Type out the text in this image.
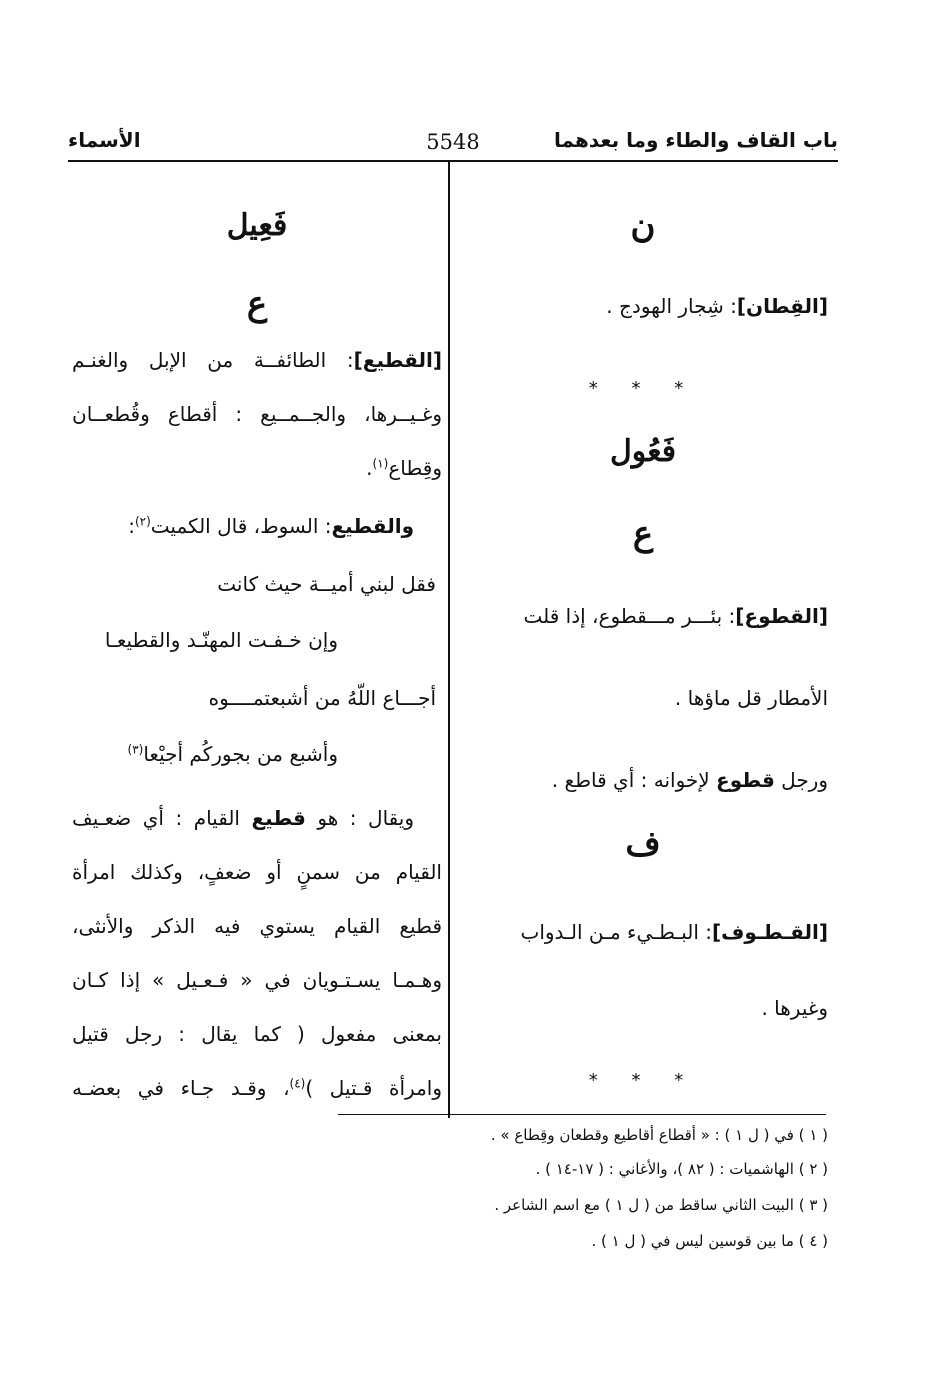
الأسماء	5548	باب القاف والطاء وما بعدهما
ن
[القِطان]: شِجار الهودج .
* * *
فَعُول
ع
[القطوع]: بئـــر مـــقطوع، إذا قلت
الأمطار قل ماؤها .
ورجل قطوع لإخوانه : أي قاطع .
ف
[القـطـوف]: البـطـيء مـن الـدواب
وغيرها .
* * *
فَعِيل
ع
[القطيع]: الطائفــة من الإبل والغنـم
وغـيــرها، والجــمــيع : أقطاع وقُطعــان
وقِطاع$^{(١)}$.
والقطيع: السوط، قال الكميت$^{(٢)}$:
فقل لبني أميــة حيث كانت
وإن خـفـت المهنّـد والقطيعـا
أجـــاع اللّهُ من أشبعتمــــوه
وأشبع من بجوركُم أجيْعا$^{(٣)}$
ويقال : هو قطيع القيام : أي ضعـيف
القيام من سمنٍ أو ضعفٍ، وكذلك امرأة
قطيع القيام يستوي فيه الذكر والأنثى،
وهـمـا يسـتـويان في « فـعـيل » إذا كـان
بمعنى مفعول ( كما يقال : رجل قتيل
وامرأة قـتيل )$^{(٤)}$، وقـد جـاء في بعضـه
( ١ ) في ( ل ١ ) : « أقطاع أقاطيع وقطعان وقِطاع » .
( ٢ ) الهاشميات : ( ٨٢ )، والأغاني : ( ١٧-١٤ ) .
( ٣ ) البيت الثاني ساقط من ( ل ١ ) مع اسم الشاعر .
( ٤ ) ما بين قوسين ليس في ( ل ١ ) .
